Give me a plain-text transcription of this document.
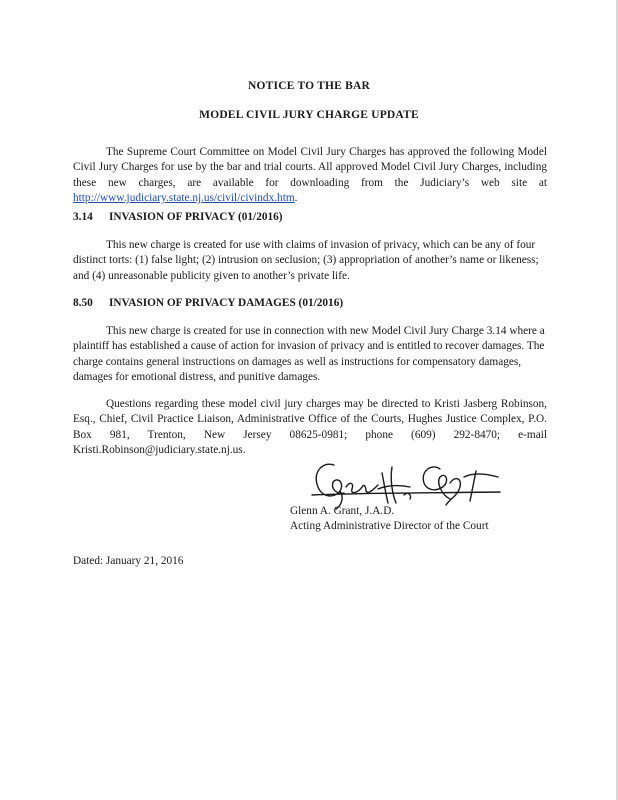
NOTICE TO THE BAR
MODEL CIVIL JURY CHARGE UPDATE
The Supreme Court Committee on Model Civil Jury Charges has approved the following Model Civil Jury Charges for use by the bar and trial courts. All approved Model Civil Jury Charges, including these new charges, are available for downloading from the Judiciary’s web site at http://www.judiciary.state.nj.us/civil/civindx.htm.
3.14 INVASION OF PRIVACY (01/2016)
This new charge is created for use with claims of invasion of privacy, which can be any of four distinct torts: (1) false light; (2) intrusion on seclusion; (3) appropriation of another’s name or likeness; and (4) unreasonable publicity given to another’s private life.
8.50 INVASION OF PRIVACY DAMAGES (01/2016)
This new charge is created for use in connection with new Model Civil Jury Charge 3.14 where a plaintiff has established a cause of action for invasion of privacy and is entitled to recover damages. The charge contains general instructions on damages as well as instructions for compensatory damages, damages for emotional distress, and punitive damages.
Questions regarding these model civil jury charges may be directed to Kristi Jasberg Robinson, Esq., Chief, Civil Practice Liaison, Administrative Office of the Courts, Hughes Justice Complex, P.O. Box 981, Trenton, New Jersey 08625-0981; phone (609) 292-8470; e-mail Kristi.Robinson@judiciary.state.nj.us.
Glenn A. Grant, J.A.D.
Acting Administrative Director of the Court
Dated: January 21, 2016
